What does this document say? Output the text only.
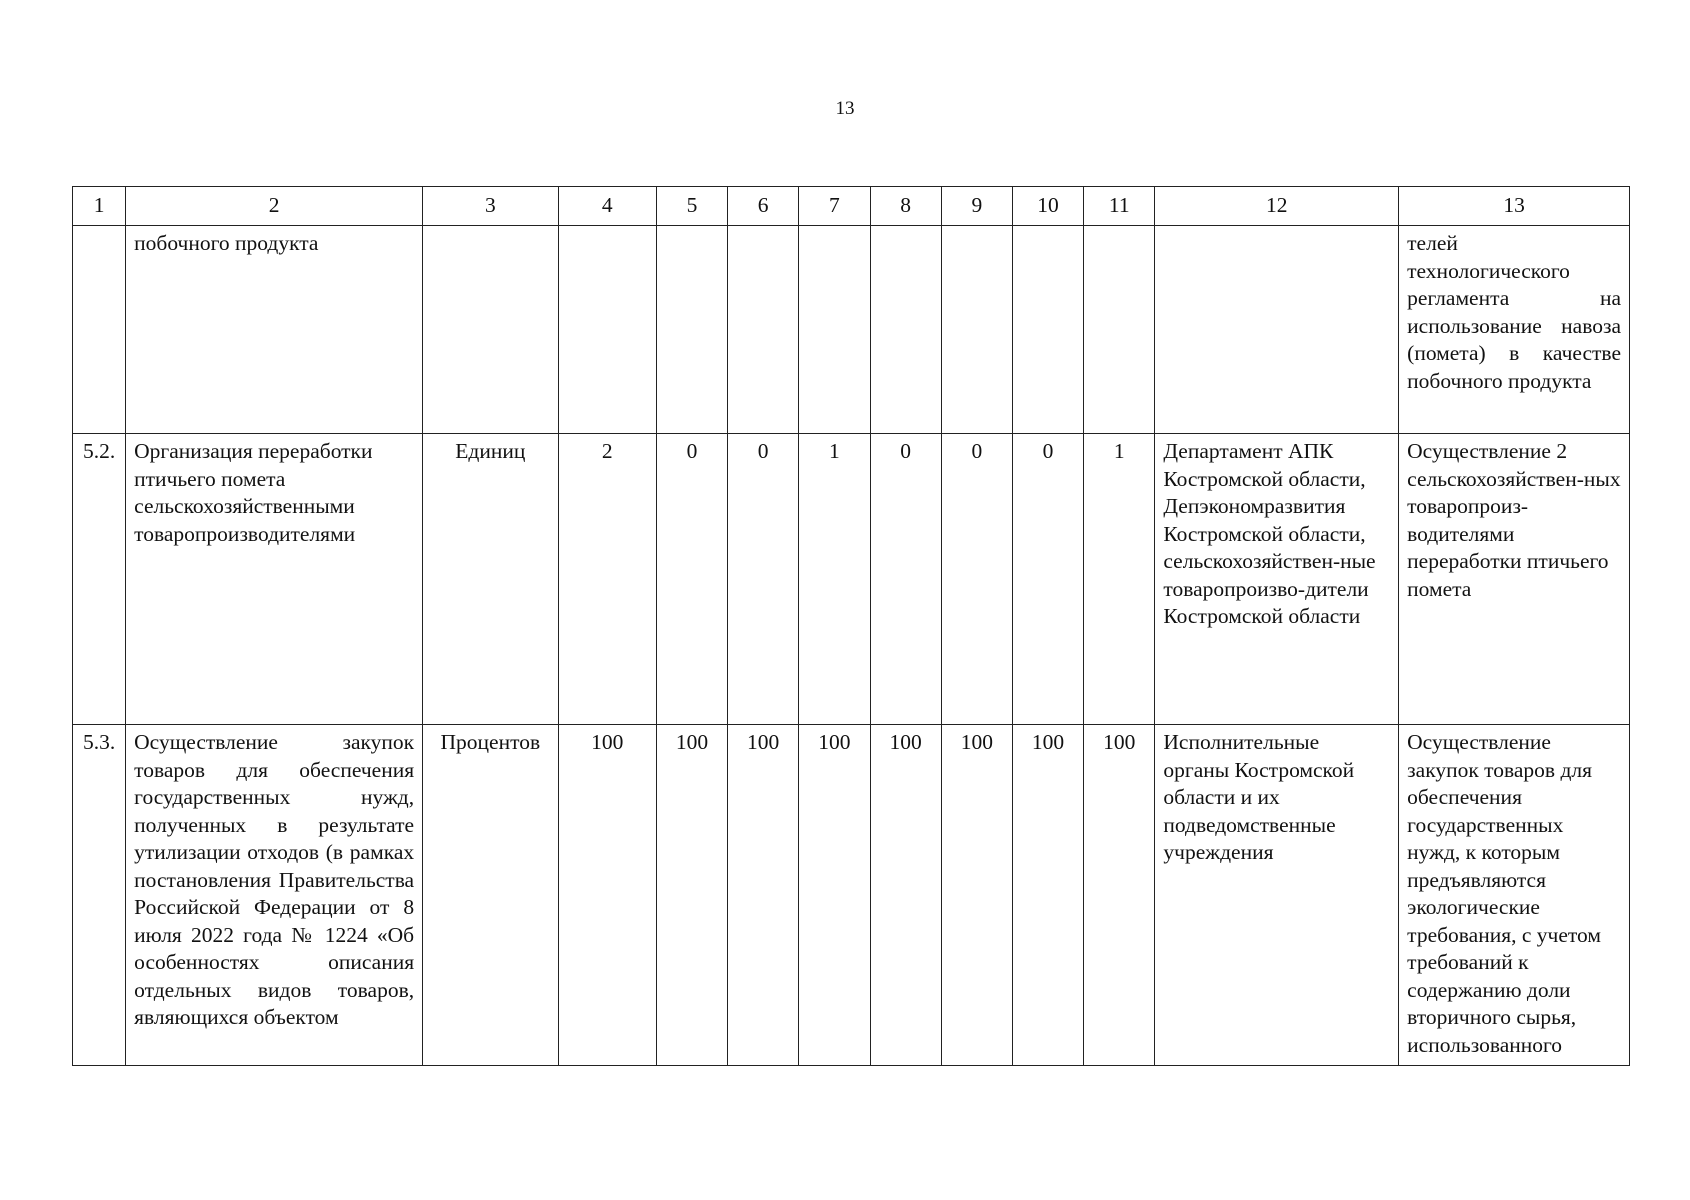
13
1	2	3	4	5	6	7	8	9	10	11	12	13
	побочного продукта											телей технологического регламента на использование навоза (помета) в качестве побочного продукта
5.2.	Организация переработки птичьего помета сельскохозяйственными товаропроизводителями	Единиц	2	0	0	1	0	0	0	1	Департамент АПК Костромской области, Депэкономразвития Костромской области, сельскохозяйствен-ные товаропроизво-дители Костромской области	Осуществление 2 сельскохозяйствен-ных товаропроиз-водителями переработки птичьего помета
5.3.	Осуществление закупок товаров для обеспечения государственных нужд, полученных в результате утилизации отходов (в рамках постановления Правительства Российской Федерации от 8 июля 2022 года № 1224 «Об особенностях описания отдельных видов товаров, являющихся объектом	Процентов	100	100	100	100	100	100	100	100	Исполнительные органы Костромской области и их подведомственные учреждения	Осуществление закупок товаров для обеспечения государственных нужд, к которым предъявляются экологические требования, с учетом требований к содержанию доли вторичного сырья, использованного
